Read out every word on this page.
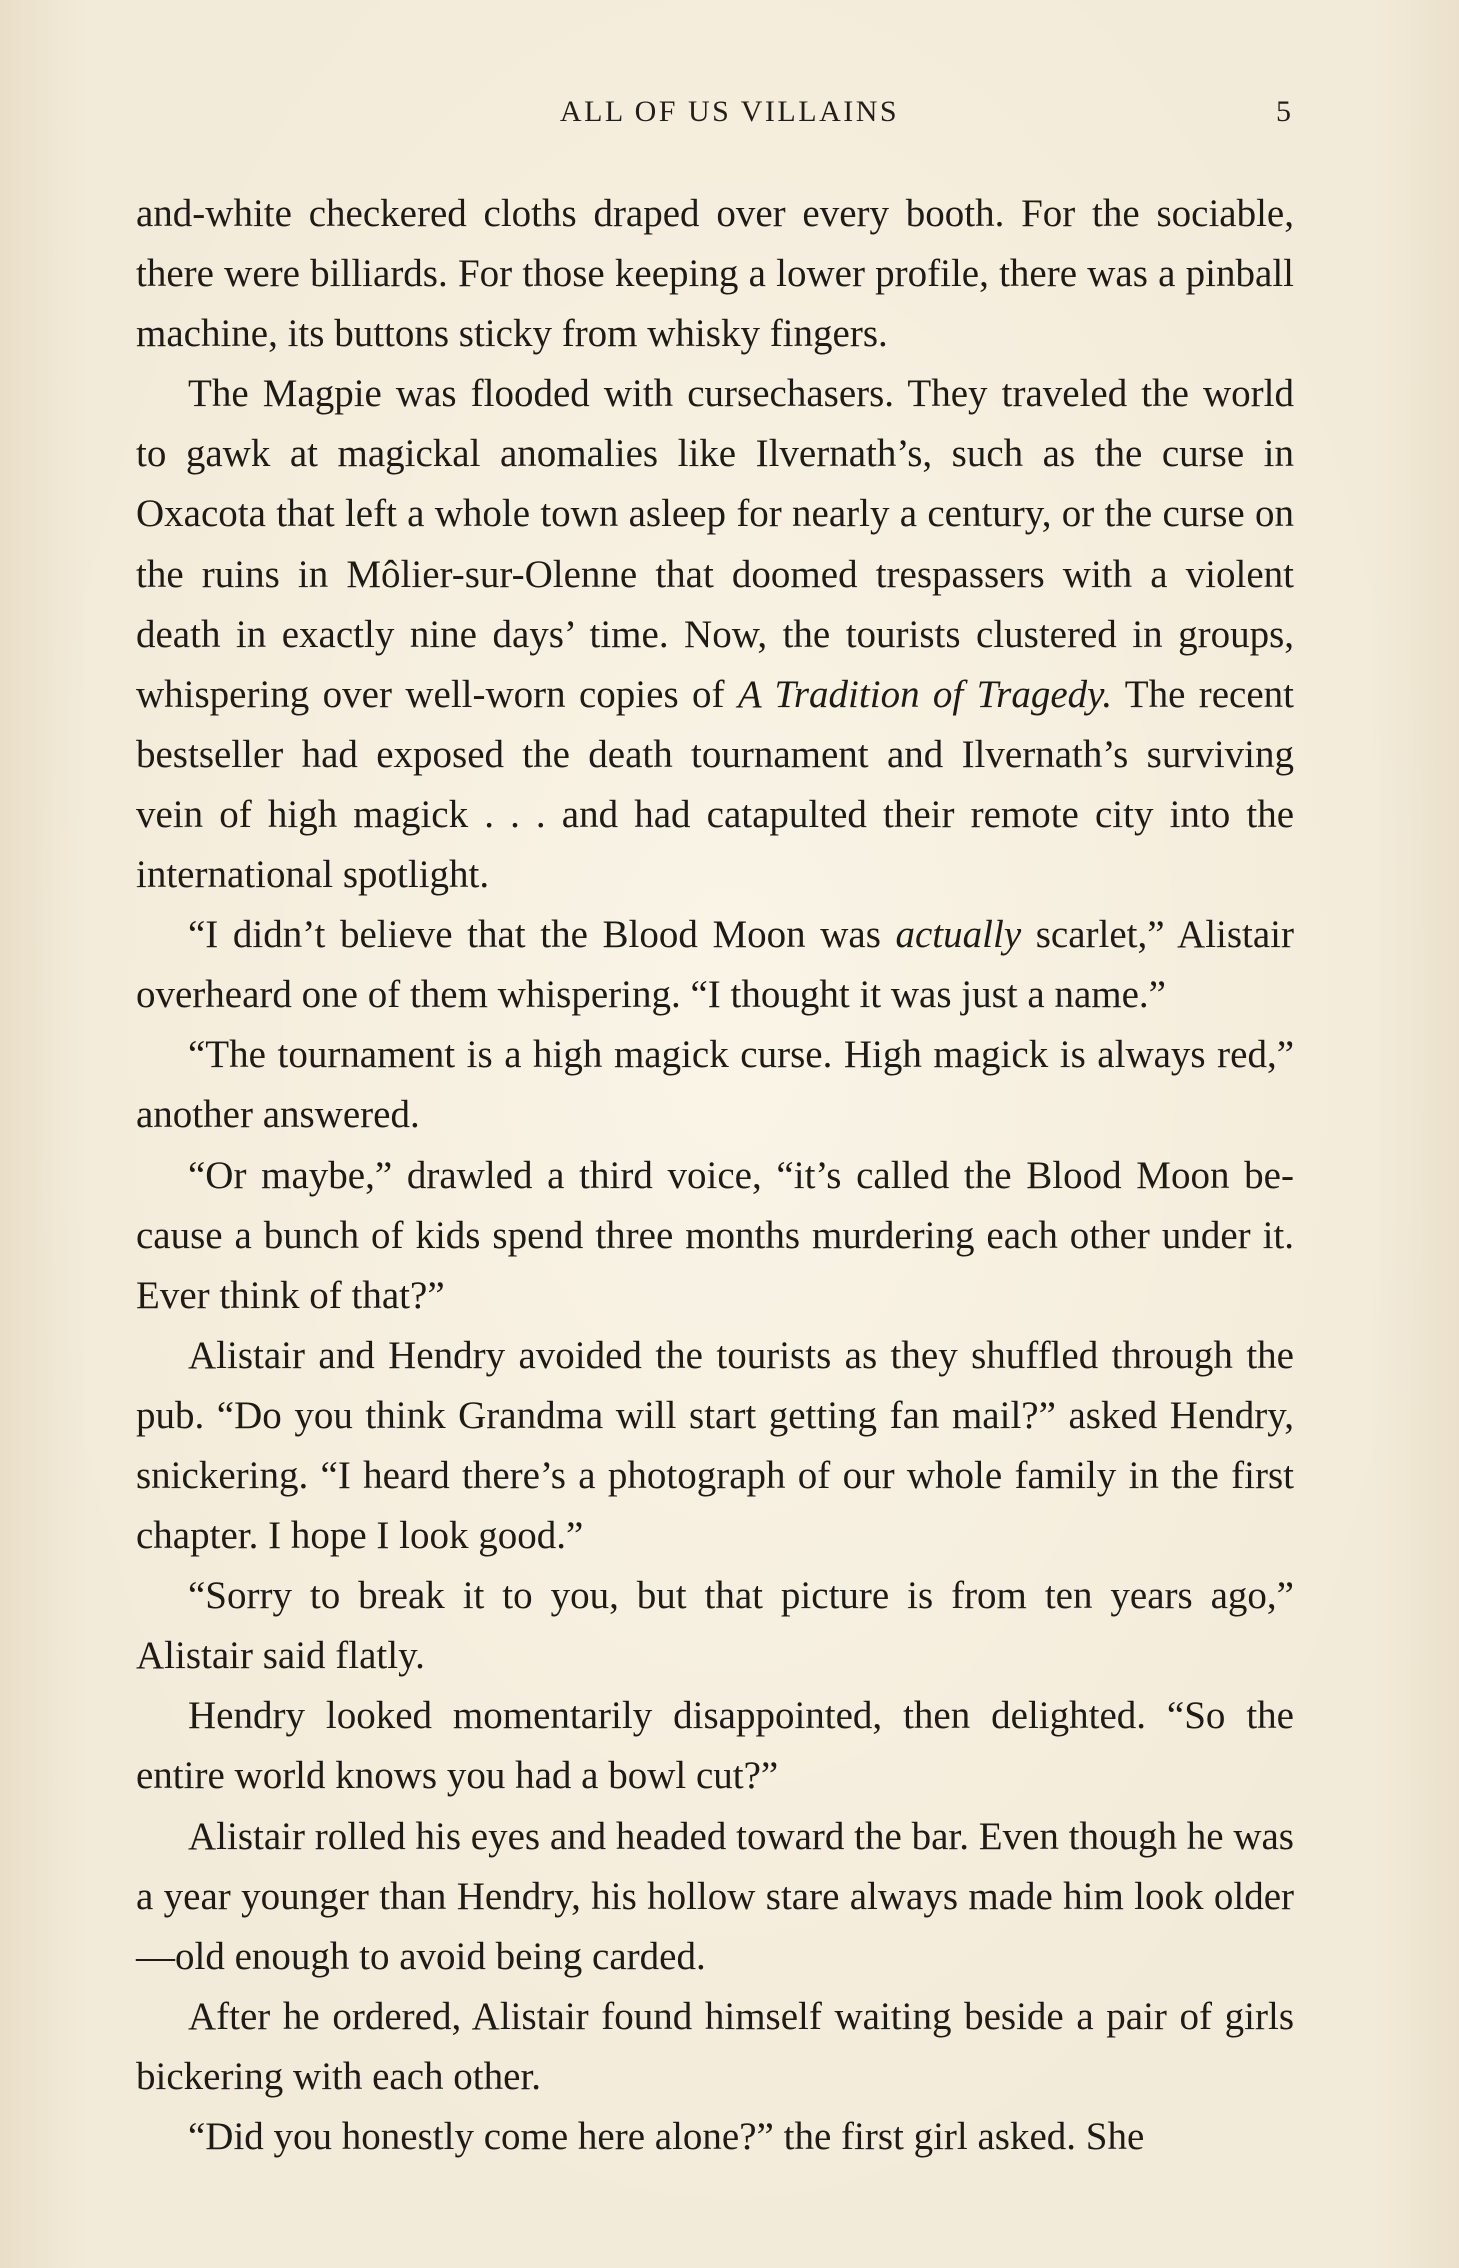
ALL OF US VILLAINS	5

and-white checkered cloths draped over every booth. For the sociable, there were billiards. For those keeping a lower profile, there was a pinball machine, its buttons sticky from whisky fingers.

The Magpie was flooded with cursechasers. They traveled the world to gawk at magickal anomalies like Ilvernath’s, such as the curse in Oxacota that left a whole town asleep for nearly a century, or the curse on the ruins in Môlier-sur-Olenne that doomed trespassers with a violent death in exactly nine days’ time. Now, the tourists clustered in groups, whispering over well-worn copies of A Tradition of Tragedy. The recent bestseller had exposed the death tournament and Ilvernath’s surviving vein of high magick . . . and had catapulted their remote city into the international spotlight.

“I didn’t believe that the Blood Moon was actually scarlet,” Alistair overheard one of them whispering. “I thought it was just a name.”

“The tournament is a high magick curse. High magick is always red,” another answered.

“Or maybe,” drawled a third voice, “it’s called the Blood Moon because a bunch of kids spend three months murdering each other under it. Ever think of that?”

Alistair and Hendry avoided the tourists as they shuffled through the pub. “Do you think Grandma will start getting fan mail?” asked Hendry, snickering. “I heard there’s a photograph of our whole family in the first chapter. I hope I look good.”

“Sorry to break it to you, but that picture is from ten years ago,” Alistair said flatly.

Hendry looked momentarily disappointed, then delighted. “So the entire world knows you had a bowl cut?”

Alistair rolled his eyes and headed toward the bar. Even though he was a year younger than Hendry, his hollow stare always made him look older—old enough to avoid being carded.

After he ordered, Alistair found himself waiting beside a pair of girls bickering with each other.

“Did you honestly come here alone?” the first girl asked. She
